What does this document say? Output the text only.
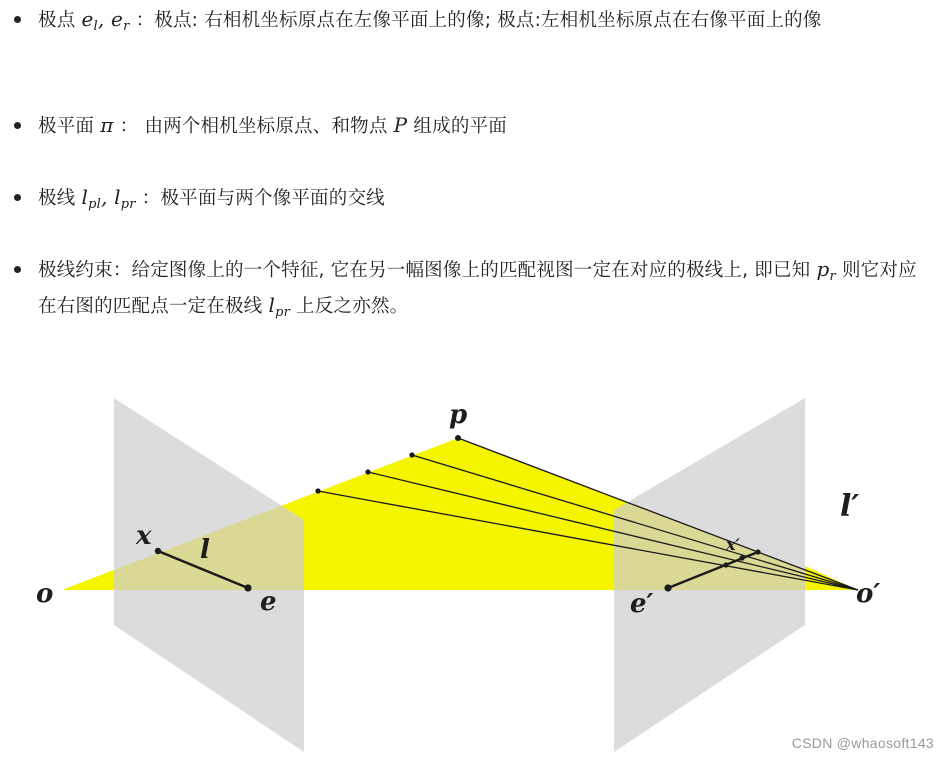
极点 $e_l$, $e_r$ ：极点: 右相机坐标原点在左像平面上的像; 极点:左相机坐标原点在右像平面上的像
极平面 π ： 由两个相机坐标原点、和物点 P 组成的平面
极线 $l_{pl}$, $l_{pr}$ ：极平面与两个像平面的交线
极线约束：给定图像上的一个特征, 它在另一幅图像上的匹配视图一定在对应的极线上, 即已知 $p_r$ 则它对应在右图的匹配点一定在极线 $l_{pr}$ 上反之亦然。
p
x l
o	e	e′	o′
x′
l′
CSDN @whaosoft143
